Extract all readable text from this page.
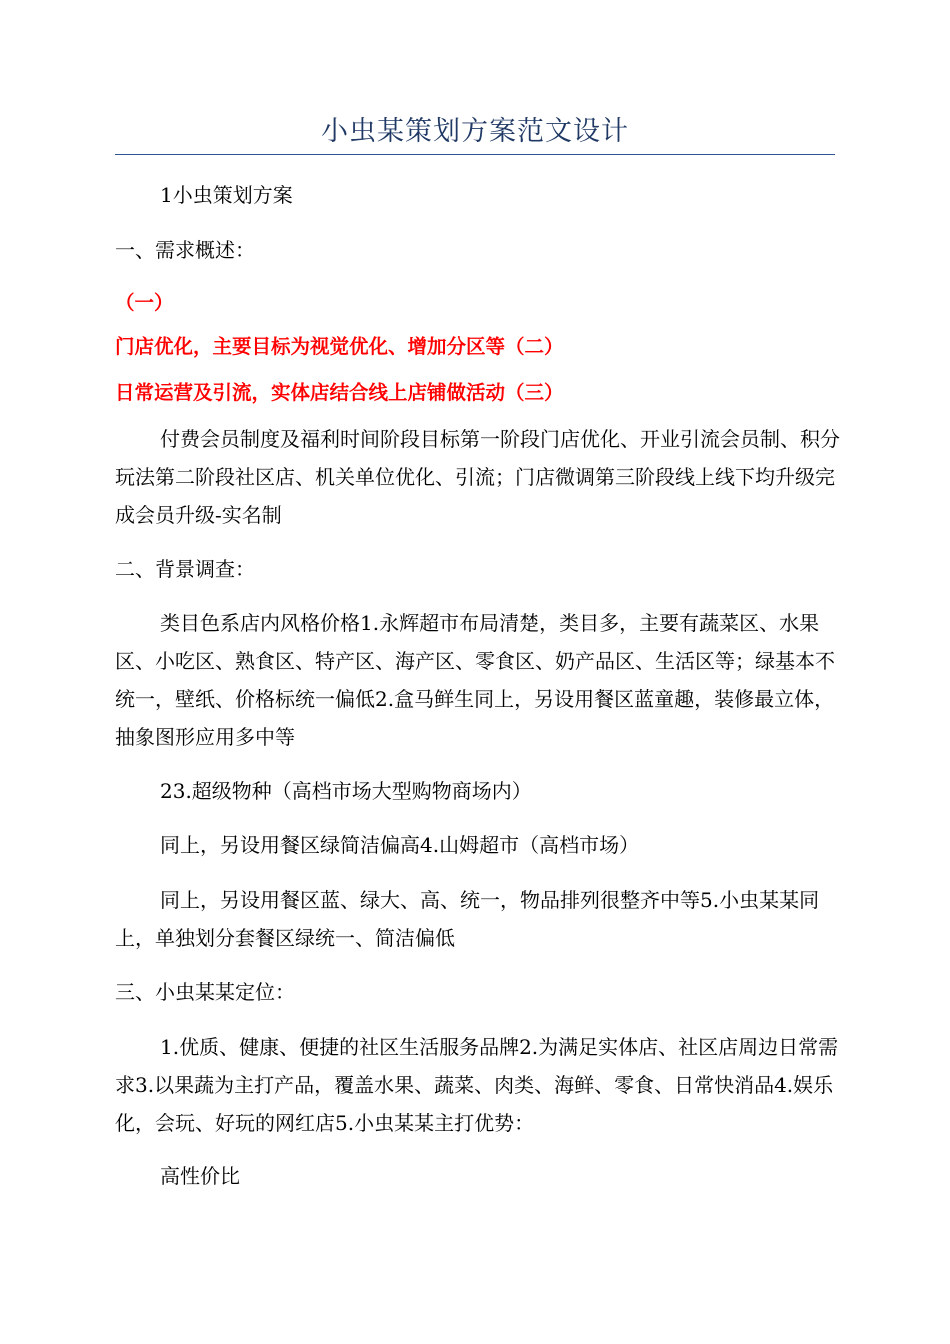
小虫某策划方案范文设计

1小虫策划方案

一、需求概述：

（一）

门店优化，主要目标为视觉优化、增加分区等（二）

日常运营及引流，实体店结合线上店铺做活动（三）

付费会员制度及福利时间阶段目标第一阶段门店优化、开业引流会员制、积分玩法第二阶段社区店、机关单位优化、引流；门店微调第三阶段线上线下均升级完成会员升级-实名制

二、背景调查：

类目色系店内风格价格1.永辉超市布局清楚，类目多，主要有蔬菜区、水果区、小吃区、熟食区、特产区、海产区、零食区、奶产品区、生活区等；绿基本不统一，壁纸、价格标统一偏低2.盒马鲜生同上，另设用餐区蓝童趣，装修最立体，抽象图形应用多中等

23.超级物种（高档市场大型购物商场内）

同上，另设用餐区绿简洁偏高4.山姆超市（高档市场）

同上，另设用餐区蓝、绿大、高、统一，物品排列很整齐中等5.小虫某某同上，单独划分套餐区绿统一、简洁偏低

三、小虫某某定位：

1.优质、健康、便捷的社区生活服务品牌2.为满足实体店、社区店周边日常需求3.以果蔬为主打产品，覆盖水果、蔬菜、肉类、海鲜、零食、日常快消品4.娱乐化，会玩、好玩的网红店5.小虫某某主打优势：

高性价比
